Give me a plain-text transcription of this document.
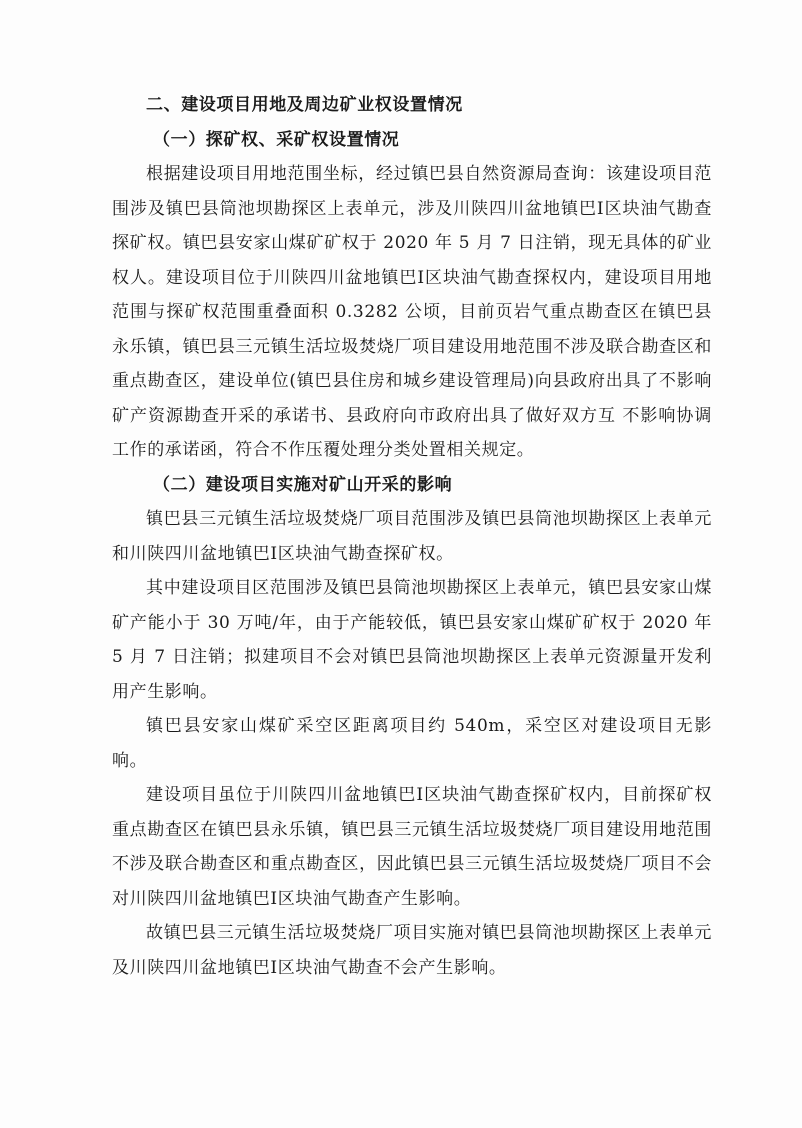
二、建设项目用地及周边矿业权设置情况
（一）探矿权、采矿权设置情况

根据建设项目用地范围坐标，经过镇巴县自然资源局查询：该建设项目范围涉及镇巴县筒池坝勘探区上表单元，涉及川陕四川盆地镇巴Ⅰ区块油气勘查探矿权。镇巴县安家山煤矿矿权于 2020 年 5 月 7 日注销，现无具体的矿业权人。建设项目位于川陕四川盆地镇巴Ⅰ区块油气勘查探权内，建设项目用地范围与探矿权范围重叠面积 0.3282 公顷，目前页岩气重点勘查区在镇巴县永乐镇，镇巴县三元镇生活垃圾焚烧厂项目建设用地范围不涉及联合勘查区和重点勘查区，建设单位(镇巴县住房和城乡建设管理局)向县政府出具了不影响矿产资源勘查开采的承诺书、县政府向市政府出具了做好双方互 不影响协调工作的承诺函，符合不作压覆处理分类处置相关规定。

（二）建设项目实施对矿山开采的影响

镇巴县三元镇生活垃圾焚烧厂项目范围涉及镇巴县筒池坝勘探区上表单元和川陕四川盆地镇巴Ⅰ区块油气勘查探矿权。

其中建设项目区范围涉及镇巴县筒池坝勘探区上表单元，镇巴县安家山煤矿产能小于 30 万吨/年，由于产能较低，镇巴县安家山煤矿矿权于 2020 年 5 月 7 日注销；拟建项目不会对镇巴县筒池坝勘探区上表单元资源量开发利用产生影响。

镇巴县安家山煤矿采空区距离项目约 540m，采空区对建设项目无影响。

建设项目虽位于川陕四川盆地镇巴Ⅰ区块油气勘查探矿权内，目前探矿权重点勘查区在镇巴县永乐镇，镇巴县三元镇生活垃圾焚烧厂项目建设用地范围不涉及联合勘查区和重点勘查区，因此镇巴县三元镇生活垃圾焚烧厂项目不会对川陕四川盆地镇巴Ⅰ区块油气勘查产生影响。

故镇巴县三元镇生活垃圾焚烧厂项目实施对镇巴县筒池坝勘探区上表单元及川陕四川盆地镇巴Ⅰ区块油气勘查不会产生影响。
